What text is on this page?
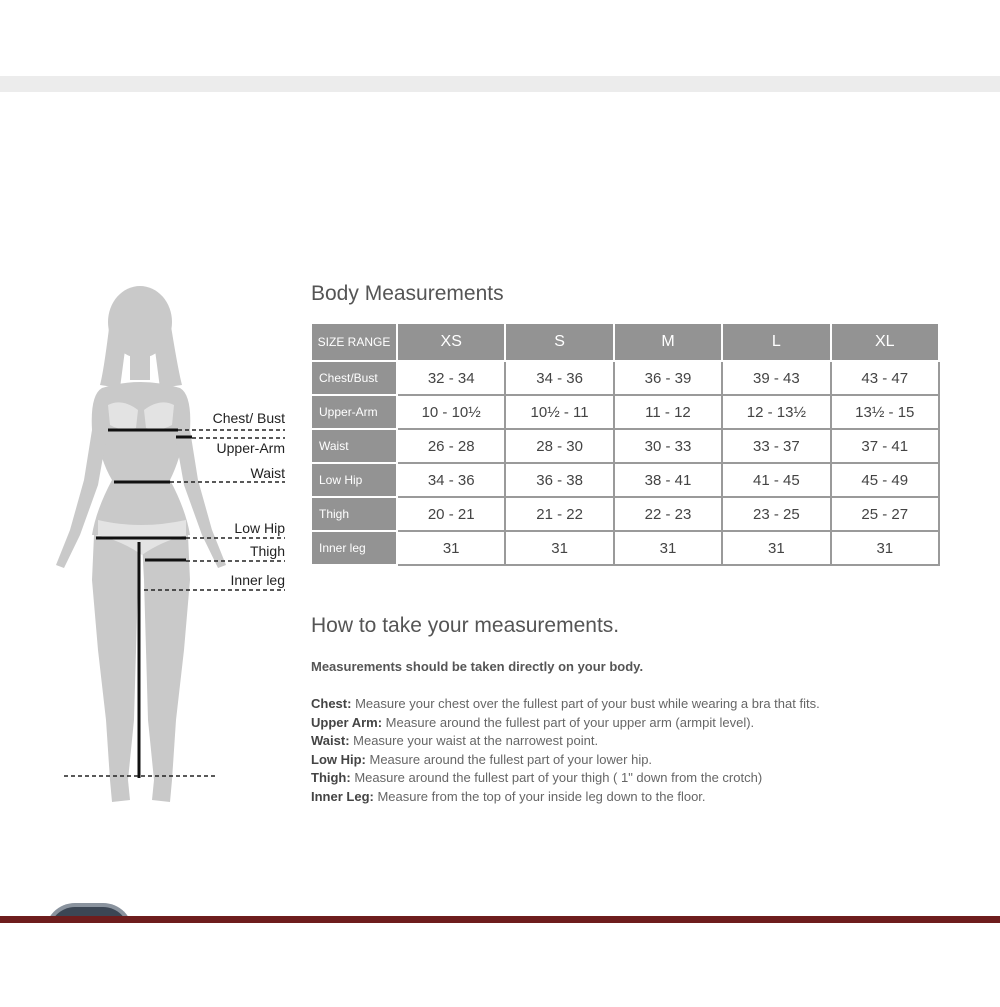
Chest/ Bust
Upper-Arm
Waist
Low Hip
Thigh
Inner leg
Body Measurements
SIZE RANGE	XS	S	M	L	XL
Chest/Bust	32 - 34	34 - 36	36 - 39	39 - 43	43 - 47
Upper-Arm	10 - 10½	10½ - 11	11 - 12	12 - 13½	13½ - 15
Waist	26 - 28	28 - 30	30 - 33	33 - 37	37 - 41
Low Hip	34 - 36	36 - 38	38 - 41	41 - 45	45 - 49
Thigh	20 - 21	21 - 22	22 - 23	23 - 25	25 - 27
Inner leg	31	31	31	31	31
How to take your measurements.
Measurements should be taken directly on your body.
Chest: Measure your chest over the fullest part of your bust while wearing a bra that fits.
Upper Arm: Measure around the fullest part of your upper arm (armpit level).
Waist: Measure your waist at the narrowest point.
Low Hip: Measure around the fullest part of your lower hip.
Thigh: Measure around the fullest part of your thigh ( 1" down from the crotch)
Inner Leg: Measure from the top of your inside leg down to the floor.
